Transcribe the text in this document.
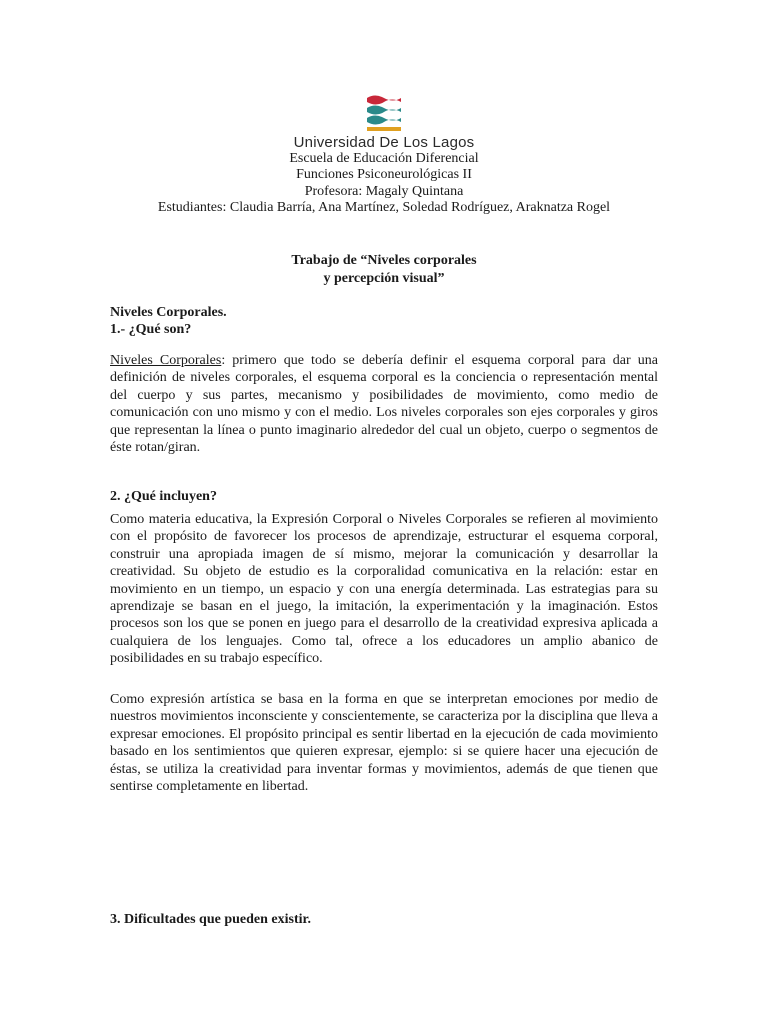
Universidad De Los Lagos
Escuela de Educación Diferencial
Funciones Psiconeurológicas II
Profesora: Magaly Quintana
Estudiantes: Claudia Barría, Ana Martínez, Soledad Rodríguez, Araknatza Rogel
Trabajo de “Niveles corporales
y percepción visual”
Niveles Corporales.
1.- ¿Qué son?

Niveles Corporales: primero que todo se debería definir el esquema corporal para dar una definición de niveles corporales, el esquema corporal es la conciencia o representación mental del cuerpo y sus partes, mecanismo y posibilidades de movimiento, como medio de comunicación con uno mismo y con el medio. Los niveles corporales son ejes corporales y giros que representan la línea o punto imaginario alrededor del cual un objeto, cuerpo o segmentos de éste rotan/giran.

2. ¿Qué incluyen?

Como materia educativa, la Expresión Corporal o Niveles Corporales se refieren al movimiento con el propósito de favorecer los procesos de aprendizaje, estructurar el esquema corporal, construir una apropiada imagen de sí mismo, mejorar la comunicación y desarrollar la creatividad. Su objeto de estudio es la corporalidad comunicativa en la relación: estar en movimiento en un tiempo, un espacio y con una energía determinada. Las estrategias para su aprendizaje se basan en el juego, la imitación, la experimentación y la imaginación. Estos procesos son los que se ponen en juego para el desarrollo de la creatividad expresiva aplicada a cualquiera de los lenguajes. Como tal, ofrece a los educadores un amplio abanico de posibilidades en su trabajo específico.

Como expresión artística se basa en la forma en que se interpretan emociones por medio de nuestros movimientos inconsciente y conscientemente, se caracteriza por la disciplina que lleva a expresar emociones. El propósito principal es sentir libertad en la ejecución de cada movimiento basado en los sentimientos que quieren expresar, ejemplo: si se quiere hacer una ejecución de éstas, se utiliza la creatividad para inventar formas y movimientos, además de que tienen que sentirse completamente en libertad.

3. Dificultades que pueden existir.
